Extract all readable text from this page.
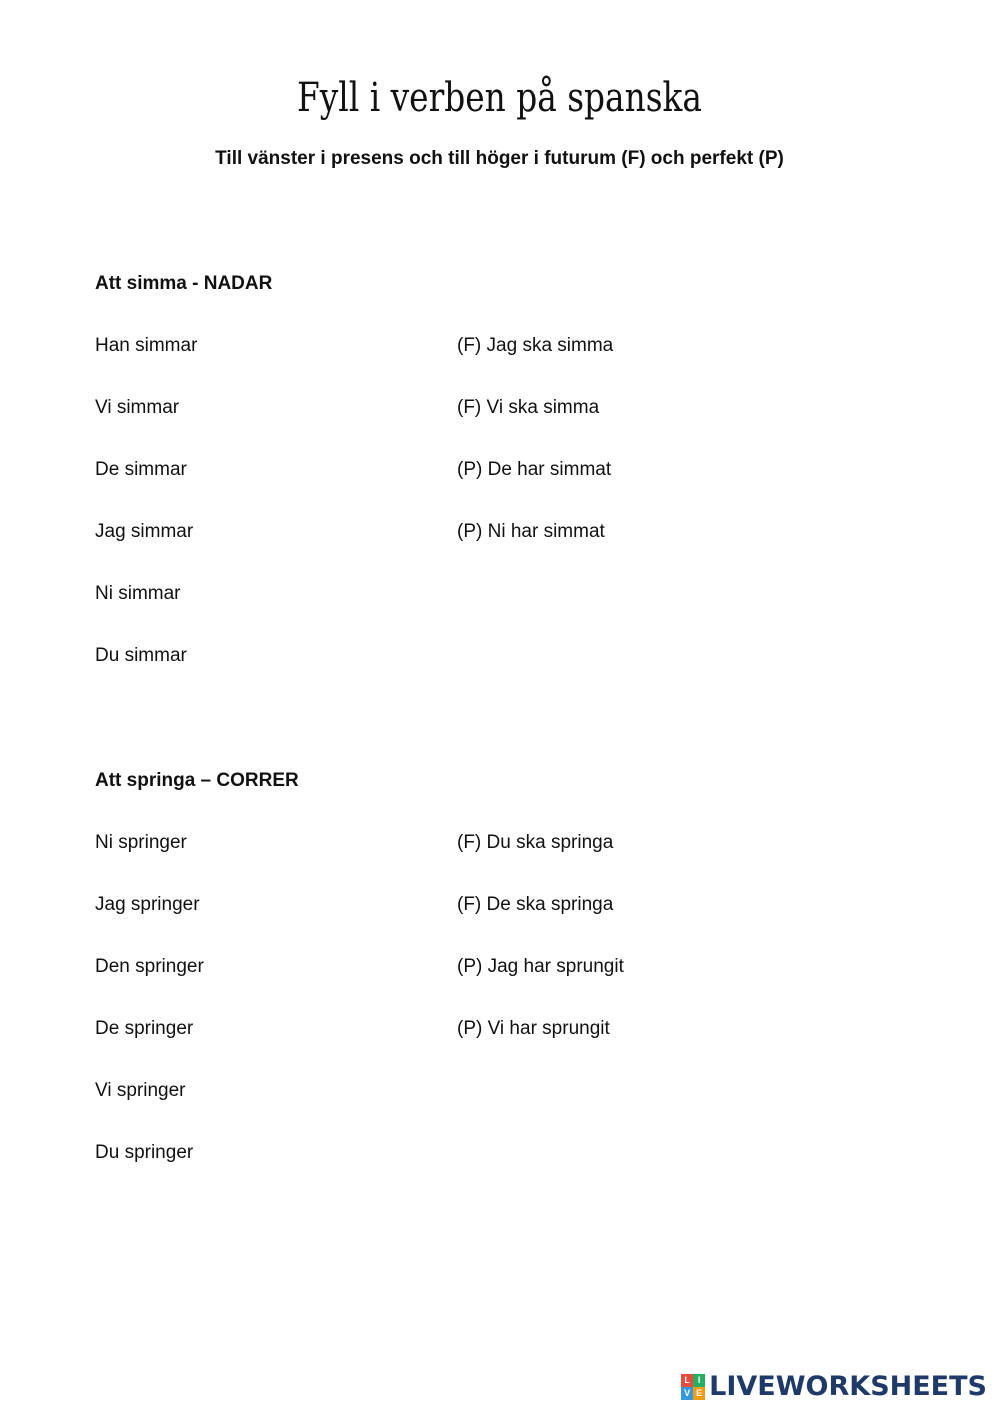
Fyll i verben på spanska

Till vänster i presens och till höger i futurum (F) och perfekt (P)

Att simma - NADAR

Han simmar	(F) Jag ska simma
Vi simmar	(F) Vi ska simma
De simmar	(P) De har simmat
Jag simmar	(P) Ni har simmat
Ni simmar
Du simmar

Att springa – CORRER

Ni springer	(F) Du ska springa
Jag springer	(F) De ska springa
Den springer	(P) Jag har sprungit
De springer	(P) Vi har sprungit
Vi springer
Du springer
L I
V E LIVEWORKSHEETS
